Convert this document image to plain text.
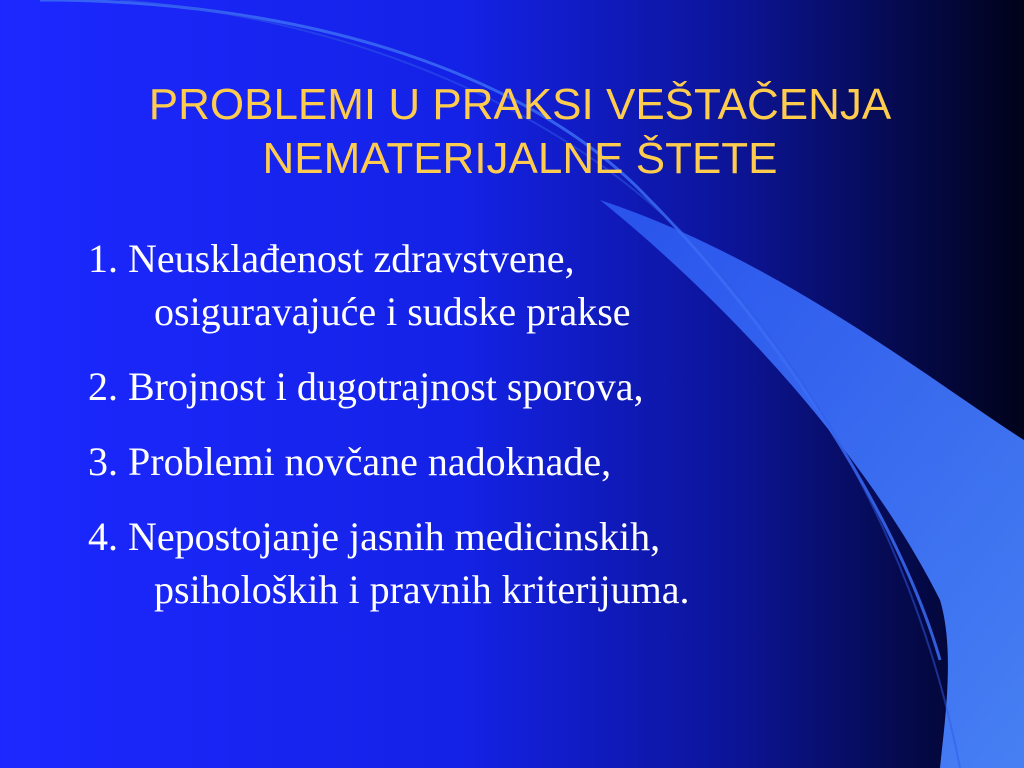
PROBLEMI U PRAKSI VEŠTAČENJA
NEMATERIJALNE ŠTETE
1. Neusklađenost zdravstvene,
osiguravajuće i sudske prakse
2. Brojnost i dugotrajnost sporova,
3. Problemi novčane nadoknade,
4. Nepostojanje jasnih medicinskih,
psiholoških i pravnih kriterijuma.
